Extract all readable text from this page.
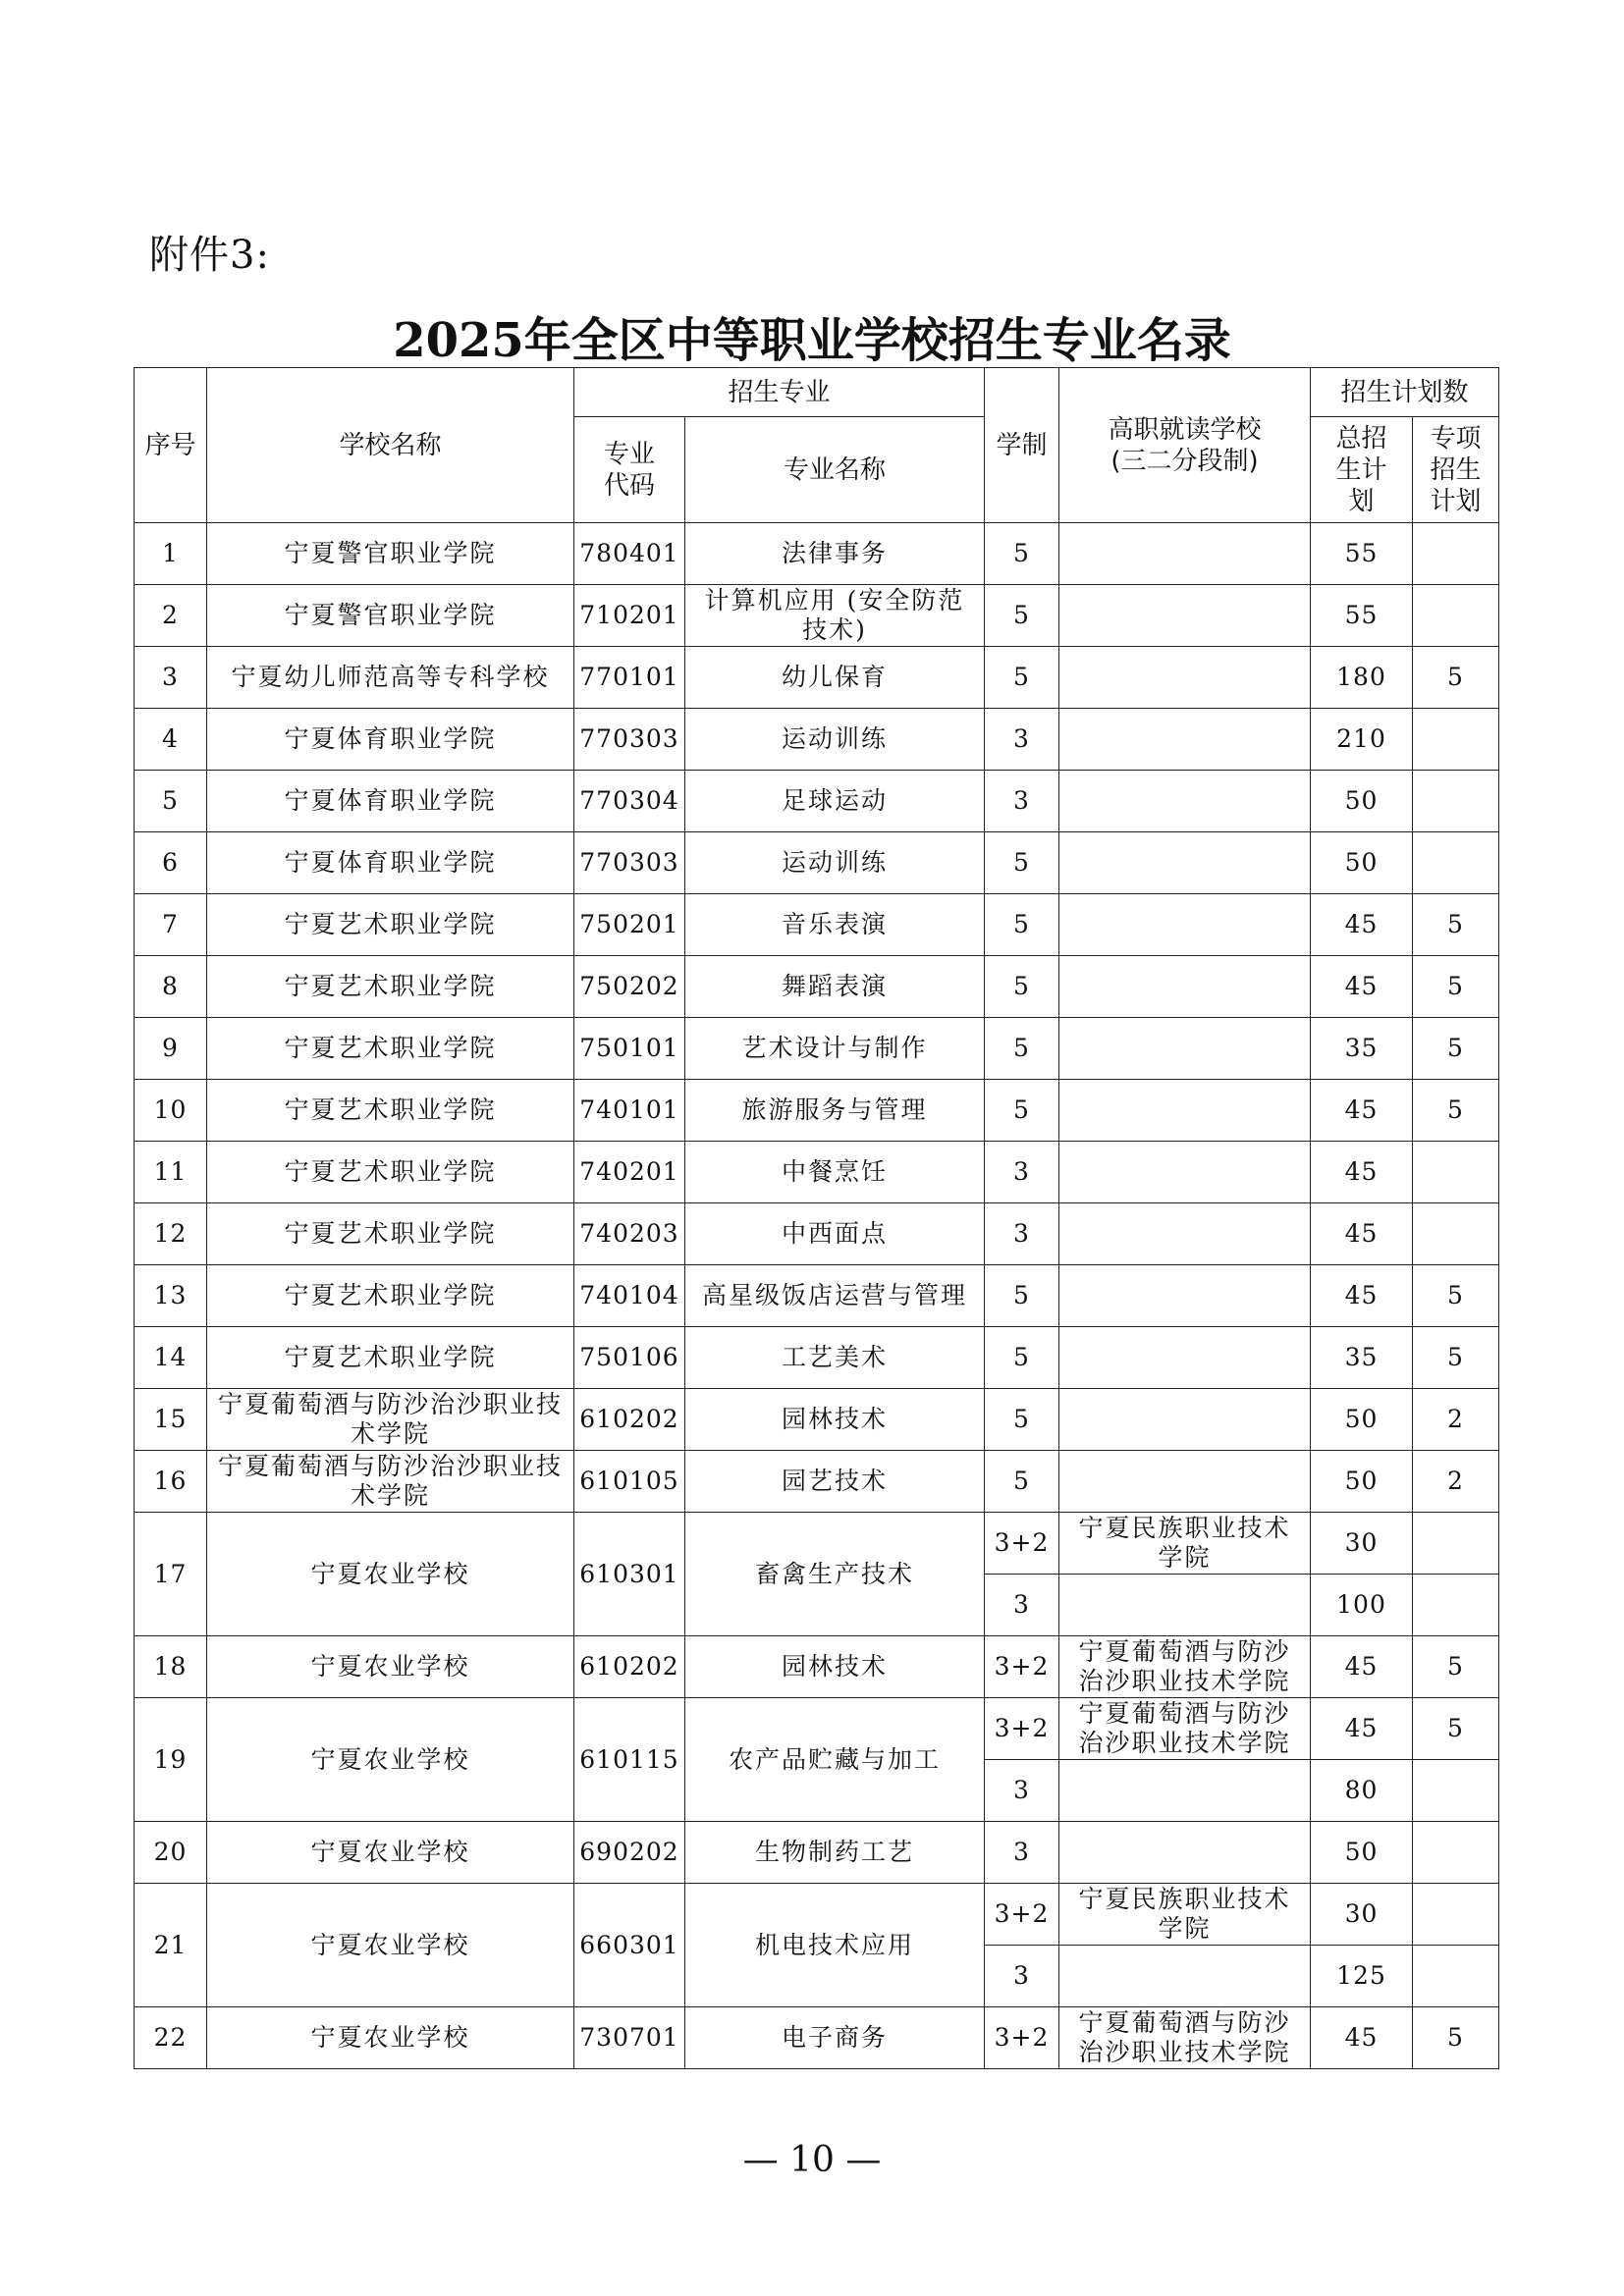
附件3:
2025年全区中等职业学校招生专业名录
序号	学校名称	招生专业		学制	高职就读学校(三二分段制)	招生计划数	
		专业代码	专业名称			总招生计划	专项招生计划
1	宁夏警官职业学院	780401	法律事务	5		55	
2	宁夏警官职业学院	710201	计算机应用 (安全防范技术)	5		55	
3	宁夏幼儿师范高等专科学校	770101	幼儿保育	5		180	5
4	宁夏体育职业学院	770303	运动训练	3		210	
5	宁夏体育职业学院	770304	足球运动	3		50	
6	宁夏体育职业学院	770303	运动训练	5		50	
7	宁夏艺术职业学院	750201	音乐表演	5		45	5
8	宁夏艺术职业学院	750202	舞蹈表演	5		45	5
9	宁夏艺术职业学院	750101	艺术设计与制作	5		35	5
10	宁夏艺术职业学院	740101	旅游服务与管理	5		45	5
11	宁夏艺术职业学院	740201	中餐烹饪	3		45	
12	宁夏艺术职业学院	740203	中西面点	3		45	
13	宁夏艺术职业学院	740104	高星级饭店运营与管理	5		45	5
14	宁夏艺术职业学院	750106	工艺美术	5		35	5
15	宁夏葡萄酒与防沙治沙职业技术学院	610202	园林技术	5		50	2
16	宁夏葡萄酒与防沙治沙职业技术学院	610105	园艺技术	5		50	2
17	宁夏农业学校	610301	畜禽生产技术	3+2	宁夏民族职业技术学院	30	
				3		100	
18	宁夏农业学校	610202	园林技术	3+2	宁夏葡萄酒与防沙治沙职业技术学院	45	5
19	宁夏农业学校	610115	农产品贮藏与加工	3+2	宁夏葡萄酒与防沙治沙职业技术学院	45	5
				3		80	
20	宁夏农业学校	690202	生物制药工艺	3		50	
21	宁夏农业学校	660301	机电技术应用	3+2	宁夏民族职业技术学院	30	
				3		125	
22	宁夏农业学校	730701	电子商务	3+2	宁夏葡萄酒与防沙治沙职业技术学院	45	5
— 10 —
